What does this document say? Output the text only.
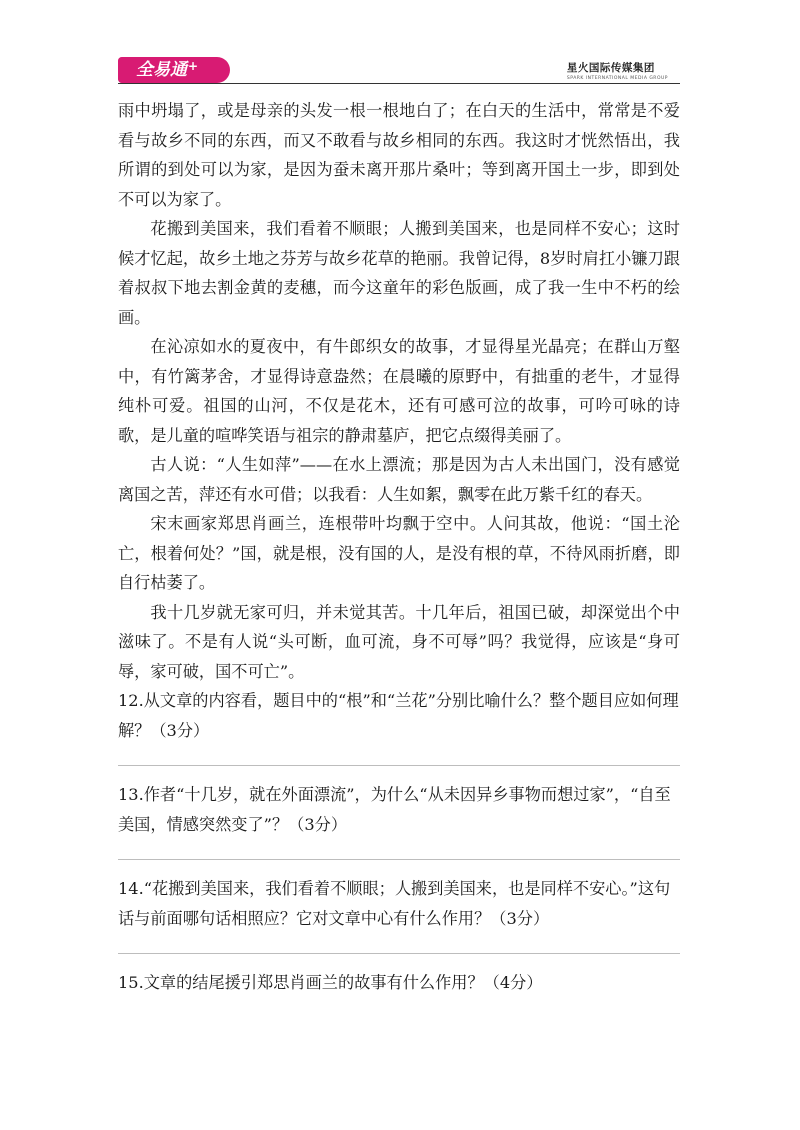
全易通+	星火国际传媒集团
SPARK INTERNATIONAL MEDIA GROUP

雨中坍塌了，或是母亲的头发一根一根地白了；在白天的生活中，常常是不爱看与故乡不同的东西，而又不敢看与故乡相同的东西。我这时才恍然悟出，我所谓的到处可以为家，是因为蚕未离开那片桑叶；等到离开国土一步，即到处不可以为家了。

花搬到美国来，我们看着不顺眼；人搬到美国来，也是同样不安心；这时候才忆起，故乡土地之芬芳与故乡花草的艳丽。我曾记得，8岁时肩扛小镰刀跟着叔叔下地去割金黄的麦穗，而今这童年的彩色版画，成了我一生中不朽的绘画。

在沁凉如水的夏夜中，有牛郎织女的故事，才显得星光晶亮；在群山万壑中，有竹篱茅舍，才显得诗意盎然；在晨曦的原野中，有拙重的老牛，才显得纯朴可爱。祖国的山河，不仅是花木，还有可感可泣的故事，可吟可咏的诗歌，是儿童的喧哗笑语与祖宗的静肃墓庐，把它点缀得美丽了。

古人说：“人生如萍”——在水上漂流；那是因为古人未出国门，没有感觉离国之苦，萍还有水可借；以我看：人生如絮，飘零在此万紫千红的春天。

宋末画家郑思肖画兰，连根带叶均飘于空中。人问其故，他说：“国土沦亡，根着何处？”国，就是根，没有国的人，是没有根的草，不待风雨折磨，即自行枯萎了。

我十几岁就无家可归，并未觉其苦。十几年后，祖国已破，却深觉出个中滋味了。不是有人说“头可断，血可流，身不可辱”吗？我觉得，应该是“身可辱，家可破，国不可亡”。

12.从文章的内容看，题目中的“根”和“兰花”分别比喻什么？整个题目应如何理解？（3分）

13.作者“十几岁，就在外面漂流”，为什么“从未因异乡事物而想过家”，“自至美国，情感突然变了”？（3分）

14.“花搬到美国来，我们看着不顺眼；人搬到美国来，也是同样不安心。”这句话与前面哪句话相照应？它对文章中心有什么作用？（3分）

15.文章的结尾援引郑思肖画兰的故事有什么作用？（4分）
